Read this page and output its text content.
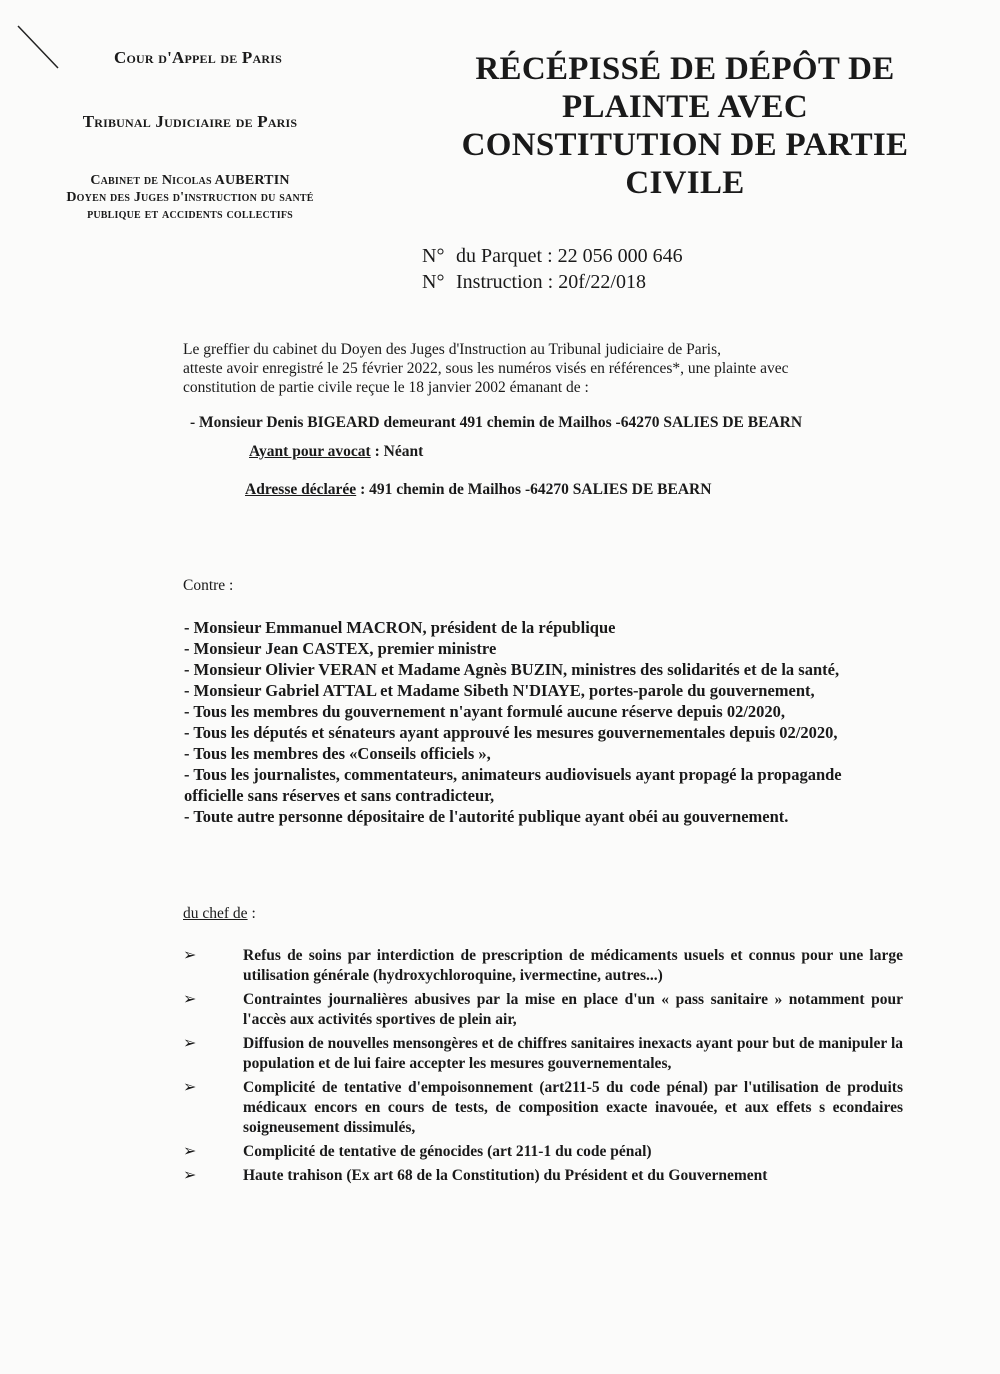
Cour d'Appel de Paris
Tribunal Judiciaire de Paris
Cabinet de Nicolas AUBERTIN
Doyen des Juges d'instruction du santé
publique et accidents collectifs
RÉCÉPISSÉ DE DÉPÔT DE
PLAINTE AVEC
CONSTITUTION DE PARTIE
CIVILE
N° du Parquet : 22 056 000 646
N° Instruction : 20f/22/018
Le greffier du cabinet du Doyen des Juges d'Instruction au Tribunal judiciaire de Paris,
atteste avoir enregistré le 25 février 2022, sous les numéros visés en références*, une plainte avec
constitution de partie civile reçue le 18 janvier 2002 émanant de :
- Monsieur Denis BIGEARD demeurant 491 chemin de Mailhos -64270 SALIES DE BEARN
Ayant pour avocat : Néant
Adresse déclarée : 491 chemin de Mailhos -64270 SALIES DE BEARN
Contre :
- Monsieur Emmanuel MACRON, président de la république
- Monsieur Jean CASTEX, premier ministre
- Monsieur Olivier VERAN et Madame Agnès BUZIN, ministres des solidarités et de la santé,
- Monsieur Gabriel ATTAL et Madame Sibeth N'DIAYE, portes-parole du gouvernement,
- Tous les membres du gouvernement n'ayant formulé aucune réserve depuis 02/2020,
- Tous les députés et sénateurs ayant approuvé les mesures gouvernementales depuis 02/2020,
- Tous les membres des «Conseils officiels »,
- Tous les journalistes, commentateurs, animateurs audiovisuels ayant propagé la propagande
officielle sans réserves et sans contradicteur,
- Toute autre personne dépositaire de l'autorité publique ayant obéi au gouvernement.
du chef de :
➢	Refus de soins par interdiction de prescription de médicaments usuels et connus pour une large utilisation générale (hydroxychloroquine, ivermectine, autres...)
➢	Contraintes journalières abusives par la mise en place d'un « pass sanitaire » notamment pour l'accès aux activités sportives de plein air,
➢	Diffusion de nouvelles mensongères et de chiffres sanitaires inexacts ayant pour but de manipuler la population et de lui faire accepter les mesures gouvernementales,
➢	Complicité de tentative d'empoisonnement (art211-5 du code pénal) par l'utilisation de produits médicaux encors en cours de tests, de composition exacte inavouée, et aux effets s econdaires soigneusement dissimulés,
➢	Complicité de tentative de génocides (art 211-1 du code pénal)
➢	Haute trahison (Ex art 68 de la Constitution) du Président et du Gouvernement
